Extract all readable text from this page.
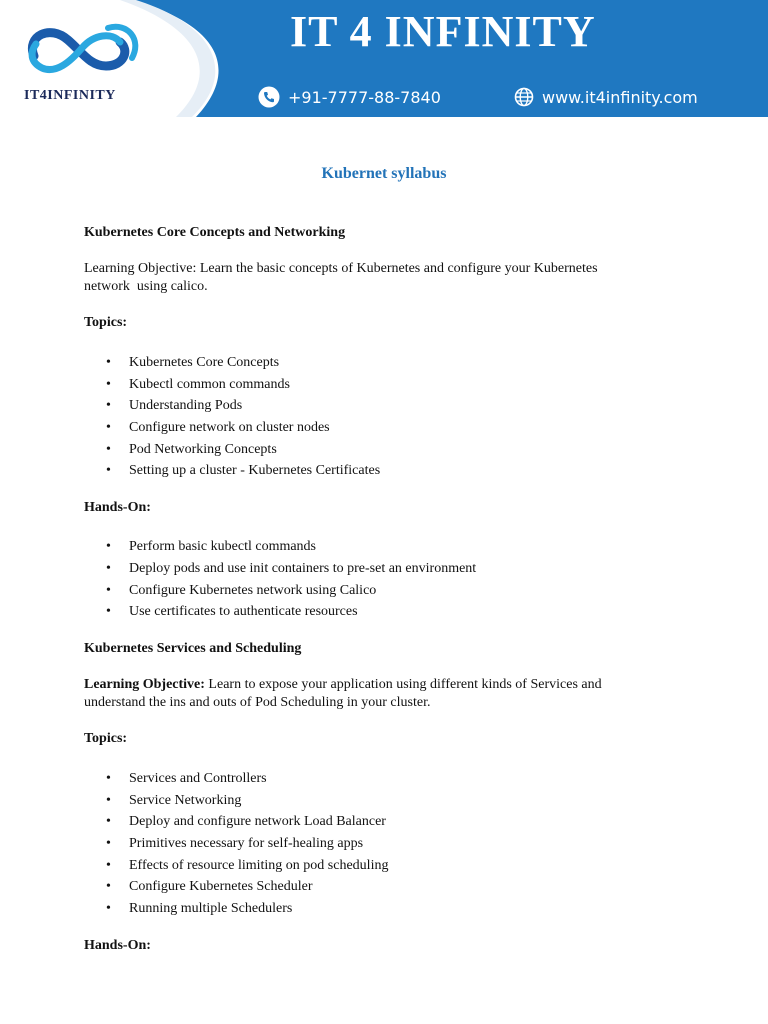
IT4INFINITY
IT 4 INFINITY
+91-7777-88-7840	www.it4infinity.com
Kubernet syllabus

Kubernetes Core Concepts and Networking

Learning Objective: Learn the basic concepts of Kubernetes and configure your Kubernetes

network  using calico.

Topics:

• Kubernetes Core Concepts
• Kubectl common commands
• Understanding Pods
• Configure network on cluster nodes
• Pod Networking Concepts
• Setting up a cluster - Kubernetes Certificates

Hands-On:

• Perform basic kubectl commands
• Deploy pods and use init containers to pre-set an environment
• Configure Kubernetes network using Calico
• Use certificates to authenticate resources

Kubernetes Services and Scheduling

Learning Objective: Learn to expose your application using different kinds of Services and

understand the ins and outs of Pod Scheduling in your cluster.

Topics:

• Services and Controllers
• Service Networking
• Deploy and configure network Load Balancer
• Primitives necessary for self-healing apps
• Effects of resource limiting on pod scheduling
• Configure Kubernetes Scheduler
• Running multiple Schedulers

Hands-On:
